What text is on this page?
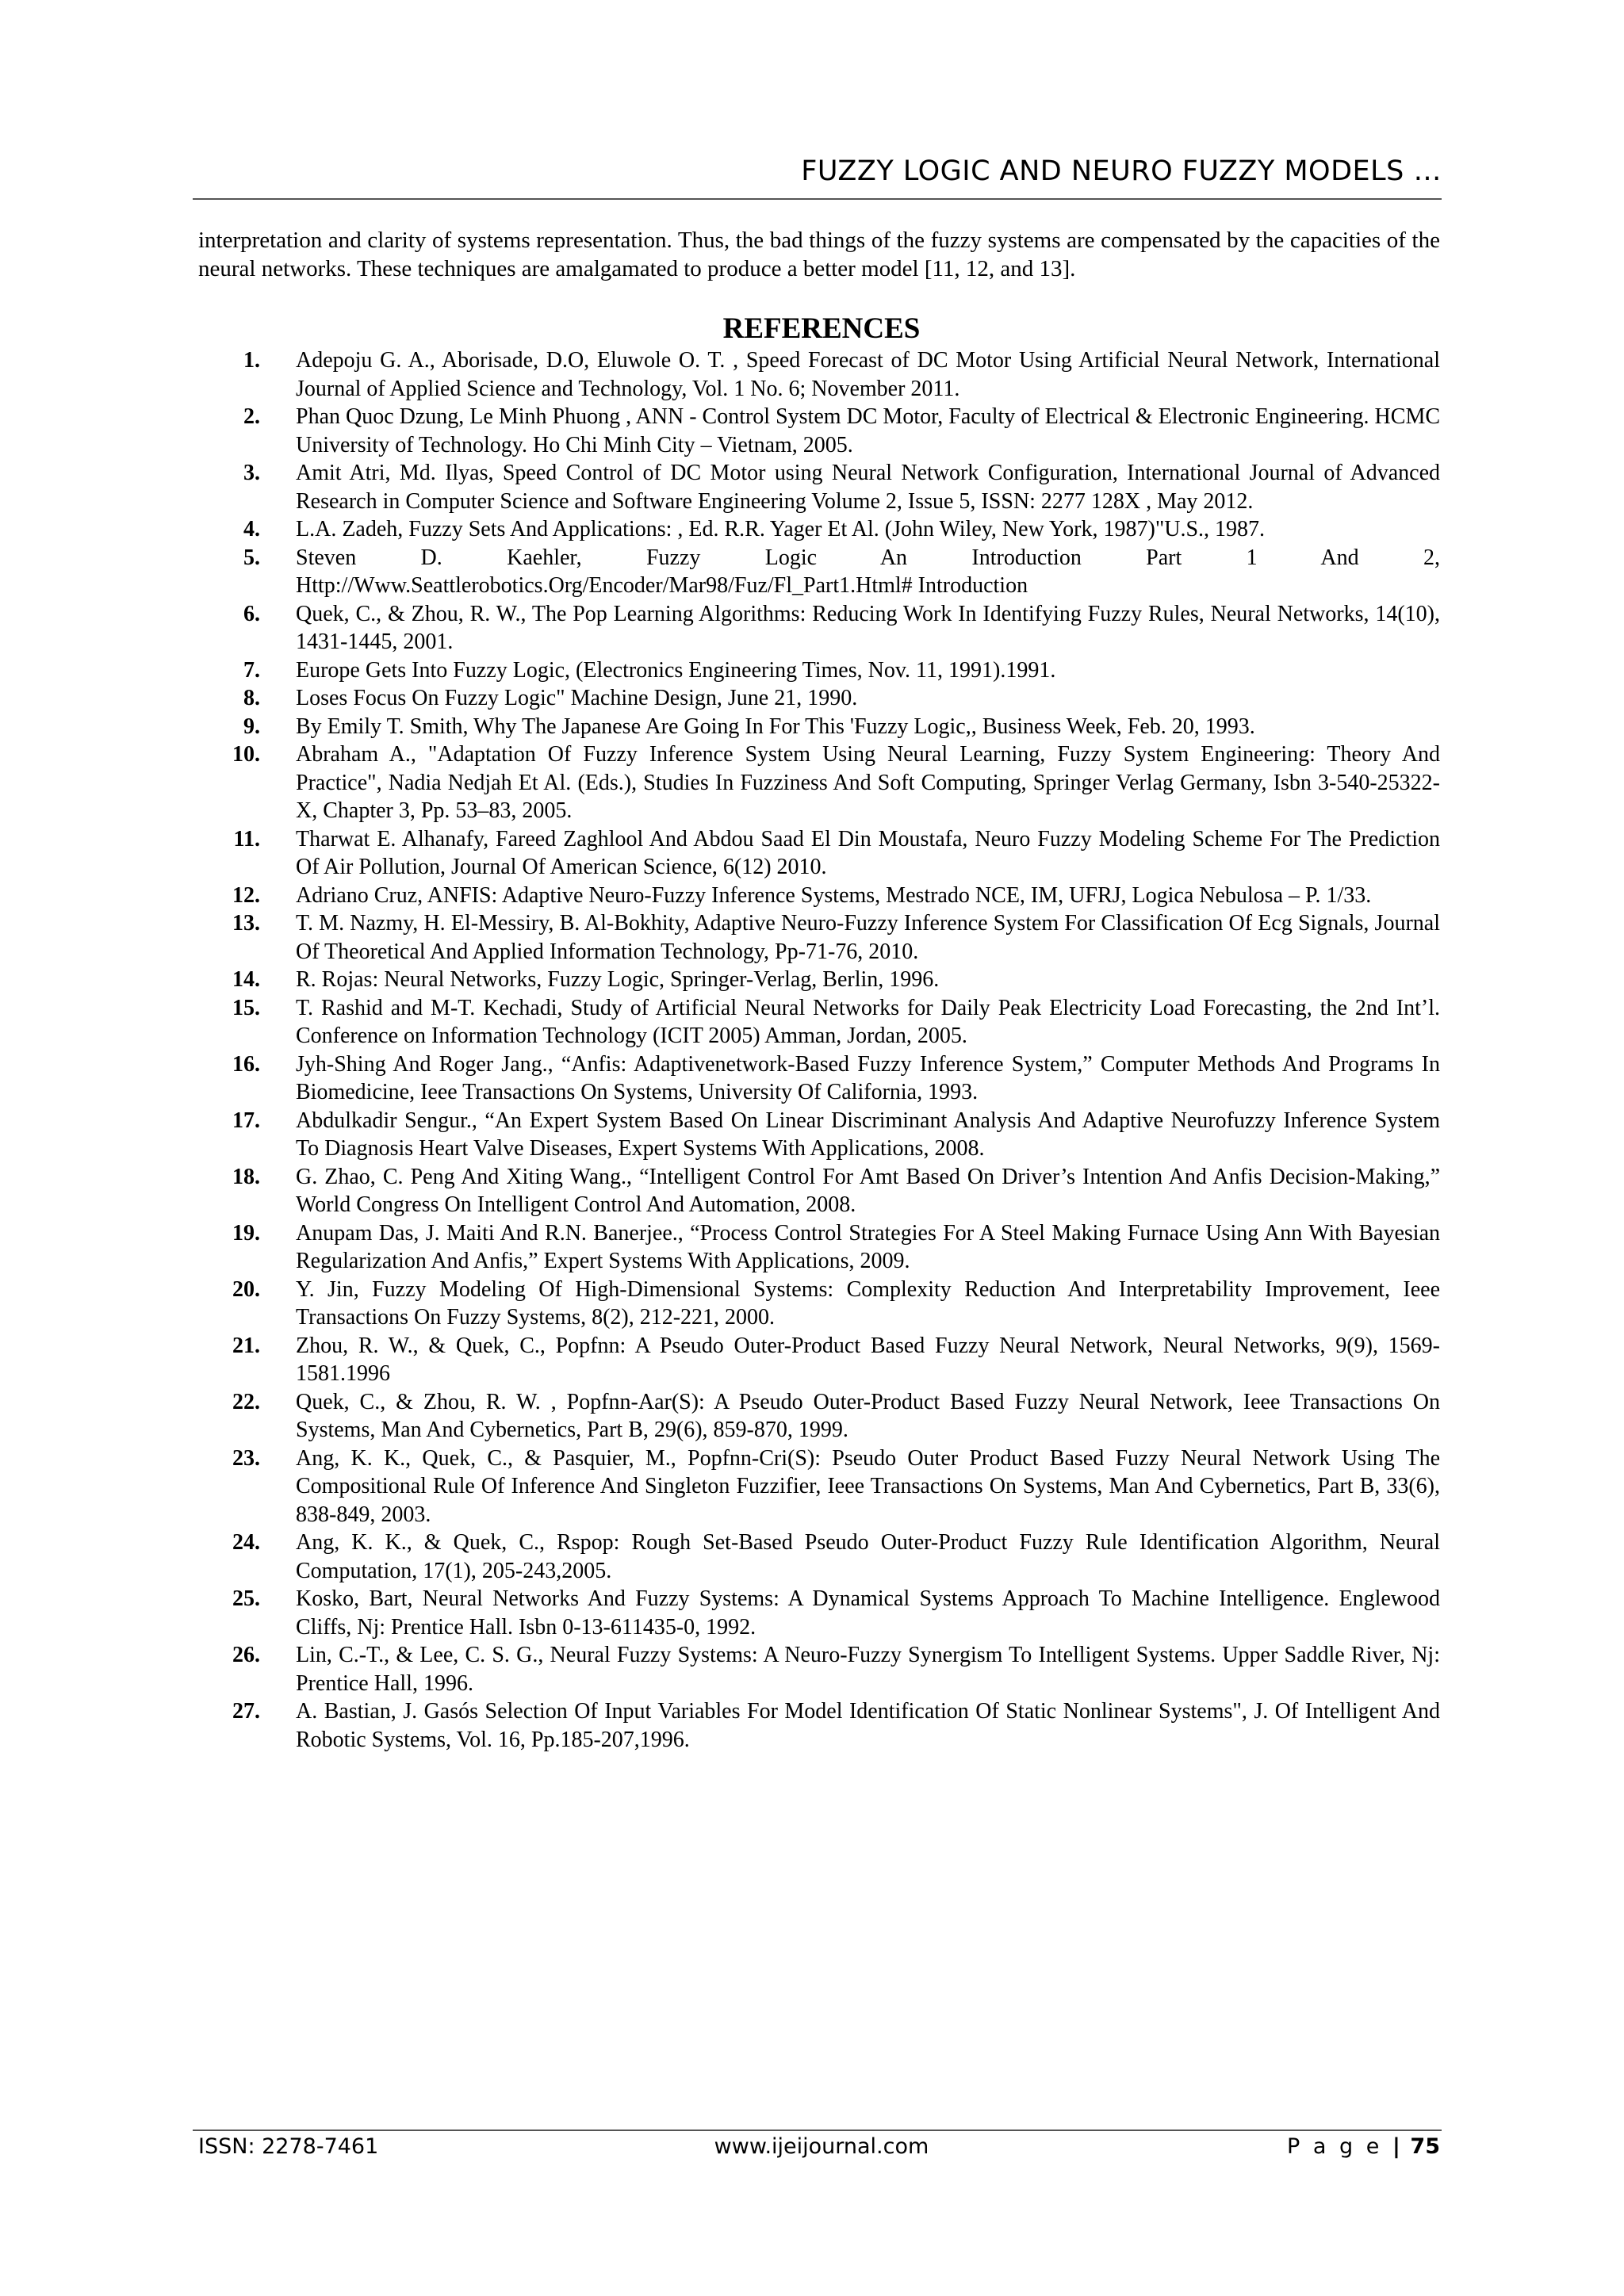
FUZZY LOGIC AND NEURO FUZZY MODELS …

interpretation and clarity of systems representation. Thus, the bad things of the fuzzy systems are compensated by the capacities of the neural networks. These techniques are amalgamated to produce a better model [11, 12, and 13].

REFERENCES
1. Adepoju G. A., Aborisade, D.O, Eluwole O. T. , Speed Forecast of DC Motor Using Artificial Neural Network, International Journal of Applied Science and Technology, Vol. 1 No. 6; November 2011.
2. Phan Quoc Dzung, Le Minh Phuong , ANN - Control System DC Motor, Faculty of Electrical & Electronic Engineering. HCMC University of Technology. Ho Chi Minh City – Vietnam, 2005.
3. Amit Atri, Md. Ilyas, Speed Control of DC Motor using Neural Network Configuration, International Journal of Advanced Research in Computer Science and Software Engineering Volume 2, Issue 5, ISSN: 2277 128X , May 2012.
4. L.A. Zadeh, Fuzzy Sets And Applications: , Ed. R.R. Yager Et Al. (John Wiley, New York, 1987)"U.S., 1987.
5. Steven D. Kaehler, Fuzzy Logic An Introduction Part 1 And 2, Http://Www.Seattlerobotics.Org/Encoder/Mar98/Fuz/Fl_Part1.Html# Introduction
6. Quek, C., & Zhou, R. W., The Pop Learning Algorithms: Reducing Work In Identifying Fuzzy Rules, Neural Networks, 14(10), 1431-1445, 2001.
7. Europe Gets Into Fuzzy Logic, (Electronics Engineering Times, Nov. 11, 1991).1991.
8. Loses Focus On Fuzzy Logic" Machine Design, June 21, 1990.
9. By Emily T. Smith, Why The Japanese Are Going In For This 'Fuzzy Logic,, Business Week, Feb. 20, 1993.
10. Abraham A., "Adaptation Of Fuzzy Inference System Using Neural Learning, Fuzzy System Engineering: Theory And Practice", Nadia Nedjah Et Al. (Eds.), Studies In Fuzziness And Soft Computing, Springer Verlag Germany, Isbn 3-540-25322-X, Chapter 3, Pp. 53–83, 2005.
11. Tharwat E. Alhanafy, Fareed Zaghlool And Abdou Saad El Din Moustafa, Neuro Fuzzy Modeling Scheme For The Prediction Of Air Pollution, Journal Of American Science, 6(12) 2010.
12. Adriano Cruz, ANFIS: Adaptive Neuro-Fuzzy Inference Systems, Mestrado NCE, IM, UFRJ, Logica Nebulosa – P. 1/33.
13. T. M. Nazmy, H. El-Messiry, B. Al-Bokhity, Adaptive Neuro-Fuzzy Inference System For Classification Of Ecg Signals, Journal Of Theoretical And Applied Information Technology, Pp-71-76, 2010.
14. R. Rojas: Neural Networks, Fuzzy Logic, Springer-Verlag, Berlin, 1996.
15. T. Rashid and M-T. Kechadi, Study of Artificial Neural Networks for Daily Peak Electricity Load Forecasting, the 2nd Int’l. Conference on Information Technology (ICIT 2005) Amman, Jordan, 2005.
16. Jyh-Shing And Roger Jang., “Anfis: Adaptivenetwork-Based Fuzzy Inference System,” Computer Methods And Programs In Biomedicine, Ieee Transactions On Systems, University Of California, 1993.
17. Abdulkadir Sengur., “An Expert System Based On Linear Discriminant Analysis And Adaptive Neurofuzzy Inference System To Diagnosis Heart Valve Diseases, Expert Systems With Applications, 2008.
18. G. Zhao, C. Peng And Xiting Wang., “Intelligent Control For Amt Based On Driver’s Intention And Anfis Decision-Making,” World Congress On Intelligent Control And Automation, 2008.
19. Anupam Das, J. Maiti And R.N. Banerjee., “Process Control Strategies For A Steel Making Furnace Using Ann With Bayesian Regularization And Anfis,” Expert Systems With Applications, 2009.
20. Y. Jin, Fuzzy Modeling Of High-Dimensional Systems: Complexity Reduction And Interpretability Improvement, Ieee Transactions On Fuzzy Systems, 8(2), 212-221, 2000.
21. Zhou, R. W., & Quek, C., Popfnn: A Pseudo Outer-Product Based Fuzzy Neural Network, Neural Networks, 9(9), 1569-1581.1996
22. Quek, C., & Zhou, R. W. , Popfnn-Aar(S): A Pseudo Outer-Product Based Fuzzy Neural Network, Ieee Transactions On Systems, Man And Cybernetics, Part B, 29(6), 859-870, 1999.
23. Ang, K. K., Quek, C., & Pasquier, M., Popfnn-Cri(S): Pseudo Outer Product Based Fuzzy Neural Network Using The Compositional Rule Of Inference And Singleton Fuzzifier, Ieee Transactions On Systems, Man And Cybernetics, Part B, 33(6), 838-849, 2003.
24. Ang, K. K., & Quek, C., Rspop: Rough Set-Based Pseudo Outer-Product Fuzzy Rule Identification Algorithm, Neural Computation, 17(1), 205-243,2005.
25. Kosko, Bart, Neural Networks And Fuzzy Systems: A Dynamical Systems Approach To Machine Intelligence. Englewood Cliffs, Nj: Prentice Hall. Isbn 0-13-611435-0, 1992.
26. Lin, C.-T., & Lee, C. S. G., Neural Fuzzy Systems: A Neuro-Fuzzy Synergism To Intelligent Systems. Upper Saddle River, Nj: Prentice Hall, 1996.
27. A. Bastian, J. Gasós Selection Of Input Variables For Model Identification Of Static Nonlinear Systems", J. Of Intelligent And Robotic Systems, Vol. 16, Pp.185-207,1996.
ISSN: 2278-7461	www.ijeijournal.com	P a g e | 75
